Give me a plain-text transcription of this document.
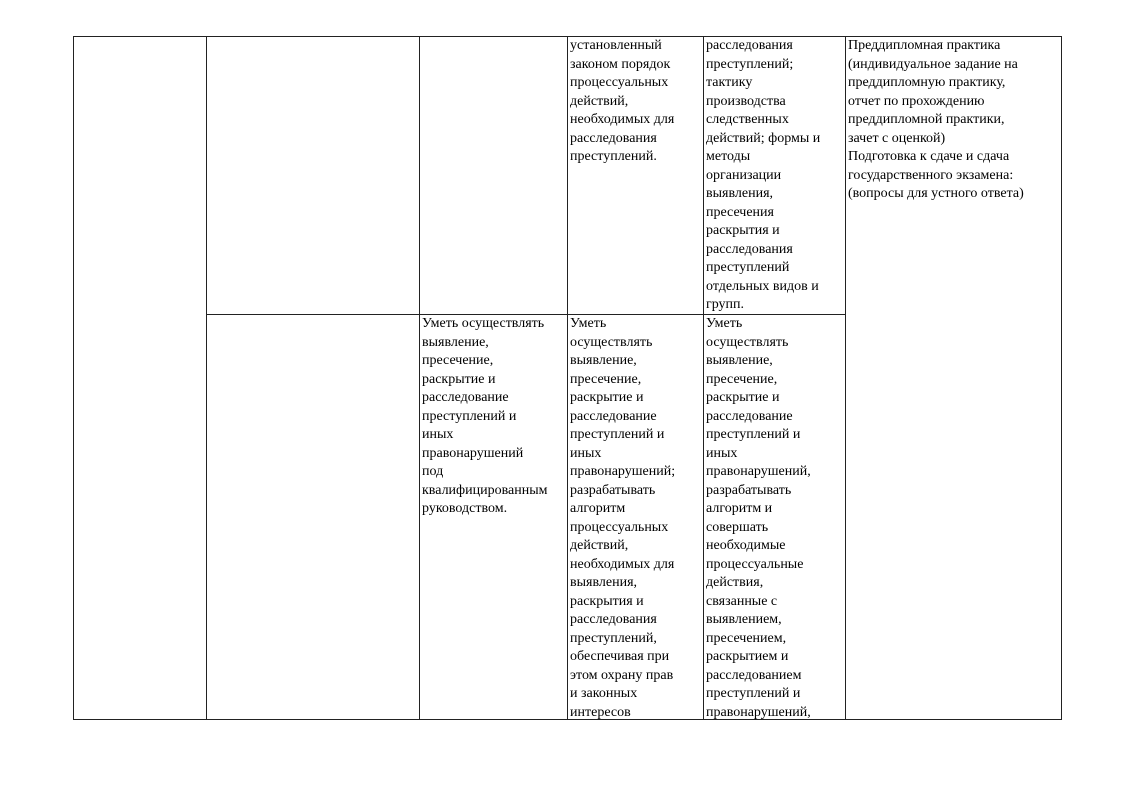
установленный
законом порядок
процессуальных
действий,
необходимых для
расследования
преступлений.
расследования
преступлений;
тактику
производства
следственных
действий; формы и
методы
организации
выявления,
пресечения
раскрытия и
расследования
преступлений
отдельных видов и
групп.
Преддипломная практика
(индивидуальное задание на
преддипломную практику,
отчет по прохождению
преддипломной практики,
зачет с оценкой)
Подготовка к сдаче и сдача
государственного экзамена:
(вопросы для устного ответа)
Уметь осуществлять
выявление,
пресечение,
раскрытие и
расследование
преступлений и
иных
правонарушений
под
квалифицированным
руководством.
Уметь
осуществлять
выявление,
пресечение,
раскрытие и
расследование
преступлений и
иных
правонарушений;
разрабатывать
алгоритм
процессуальных
действий,
необходимых для
выявления,
раскрытия и
расследования
преступлений,
обеспечивая при
этом охрану прав
и законных
интересов
Уметь
осуществлять
выявление,
пресечение,
раскрытие и
расследование
преступлений и
иных
правонарушений,
разрабатывать
алгоритм и
совершать
необходимые
процессуальные
действия,
связанные с
выявлением,
пресечением,
раскрытием и
расследованием
преступлений и
правонарушений,
